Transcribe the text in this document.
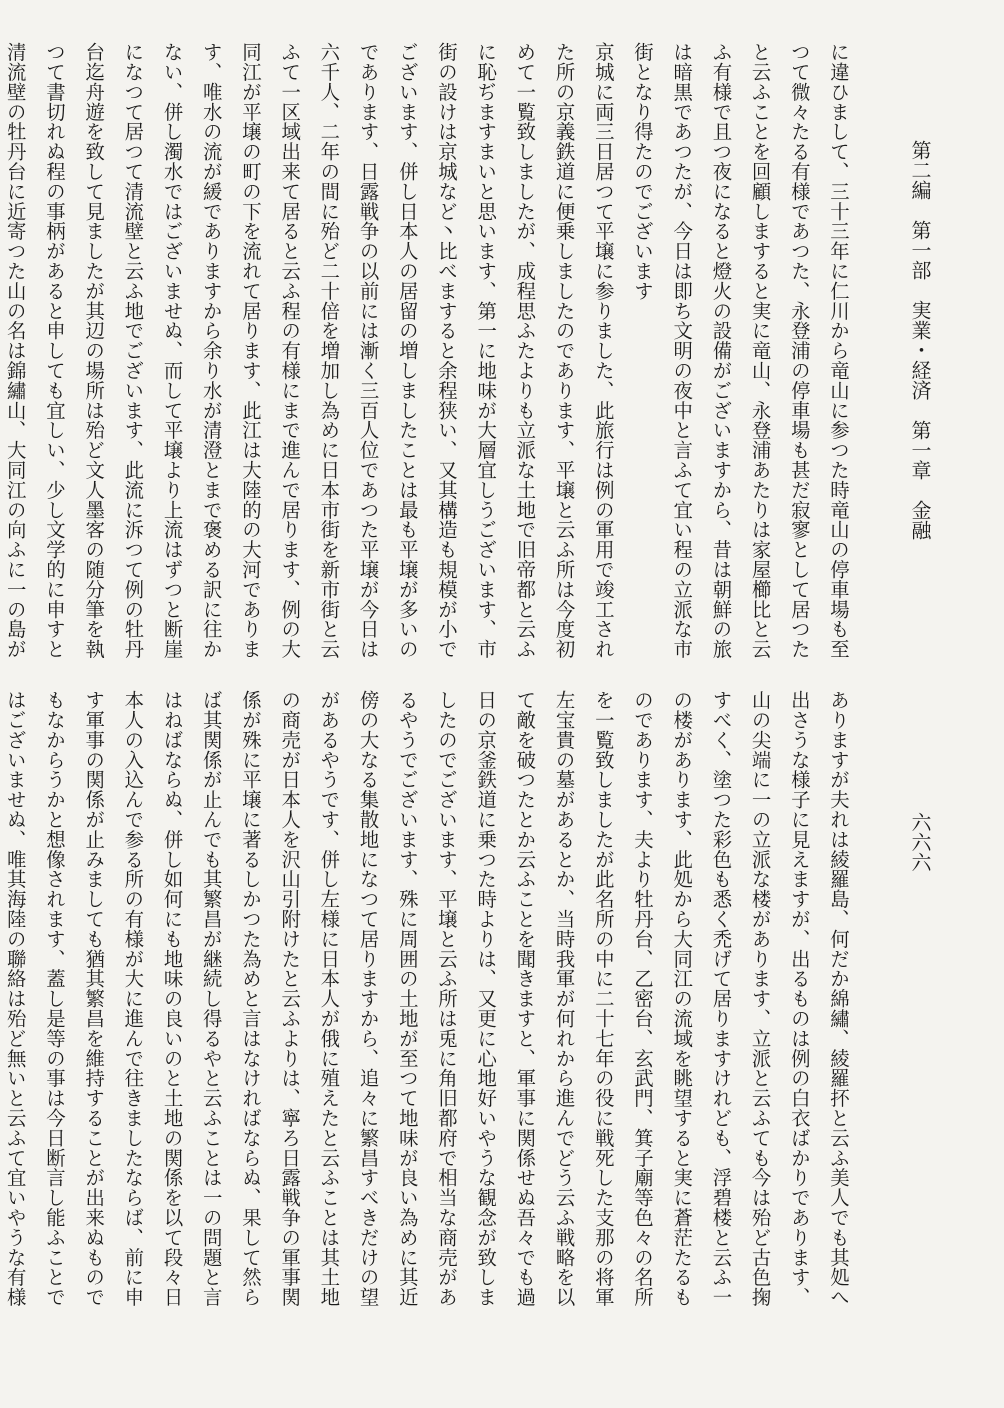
第二編　第一部　実業・経済　第一章　金融
に違ひまして、三十三年に仁川から竜山に参つた時竜山の停車場も至
つて微々たる有様であつた、永登浦の停車場も甚だ寂寥として居つた
と云ふことを回顧しますると実に竜山、永登浦あたりは家屋櫛比と云
ふ有様で且つ夜になると燈火の設備がございますから、昔は朝鮮の旅
は暗黒であつたが、今日は即ち文明の夜中と言ふて宜い程の立派な市
街となり得たのでございます
京城に両三日居つて平壌に参りました、此旅行は例の軍用で竣工され
た所の京義鉄道に便乗しましたのであります、平壌と云ふ所は今度初
めて一覧致しましたが、成程思ふたよりも立派な土地で旧帝都と云ふ
に恥ぢますまいと思います、第一に地味が大層宜しうございます、市
街の設けは京城など丶比べますると余程狭い、又其構造も規模が小で
ございます、併し日本人の居留の増しましたことは最も平壌が多いの
であります、日露戦争の以前には漸く三百人位であつた平壌が今日は
六千人、二年の間に殆ど二十倍を増加し為めに日本市街を新市街と云
ふて一区域出来て居ると云ふ程の有様にまで進んで居ります、例の大
同江が平壌の町の下を流れて居ります、此江は大陸的の大河でありま
す、唯水の流が緩でありますから余り水が清澄とまで褒める訳に往か
ない、併し濁水ではございませぬ、而して平壌より上流はずつと断崖
になつて居つて清流壁と云ふ地でございます、此流に泝つて例の牡丹
台迄舟遊を致して見ましたが其辺の場所は殆ど文人墨客の随分筆を執
つて書切れぬ程の事柄があると申しても宜しい、少し文学的に申すと
清流壁の牡丹台に近寄つた山の名は錦繡山、大同江の向ふに一の島が
六六六
ありますが夫れは綾羅島、何だか綿繡、綾羅抔と云ふ美人でも其処へ
出さうな様子に見えますが、出るものは例の白衣ばかりであります、
山の尖端に一の立派な楼があります、立派と云ふても今は殆ど古色掬
すべく、塗つた彩色も悉く禿げて居りますけれども、浮碧楼と云ふ一
の楼があります、此処から大同江の流域を眺望すると実に蒼茫たるも
のであります、夫より牡丹台、乙密台、玄武門、箕子廟等色々の名所
を一覧致しましたが此名所の中に二十七年の役に戦死した支那の将軍
左宝貴の墓があるとか、当時我軍が何れから進んでどう云ふ戦略を以
て敵を破つたとか云ふことを聞きますと、軍事に関係せぬ吾々でも過
日の京釜鉄道に乗つた時よりは、又更に心地好いやうな観念が致しま
したのでございます、平壌と云ふ所は兎に角旧都府で相当な商売があ
るやうでございます、殊に周囲の土地が至つて地味が良い為めに其近
傍の大なる集散地になつて居りますから、追々に繁昌すべきだけの望
があるやうです、併し左様に日本人が俄に殖えたと云ふことは其土地
の商売が日本人を沢山引附けたと云ふよりは、寧ろ日露戦争の軍事関
係が殊に平壌に著るしかつた為めと言はなければならぬ、果して然ら
ば其関係が止んでも其繁昌が継続し得るやと云ふことは一の問題と言
はねばならぬ、併し如何にも地味の良いのと土地の関係を以て段々日
本人の入込んで参る所の有様が大に進んで往きましたならば、前に申
す軍事の関係が止みましても猶其繁昌を維持することが出来ぬもので
もなからうかと想像されます、蓋し是等の事は今日断言し能ふことで
はございませぬ、唯其海陸の聯絡は殆ど無いと云ふて宜いやうな有様
